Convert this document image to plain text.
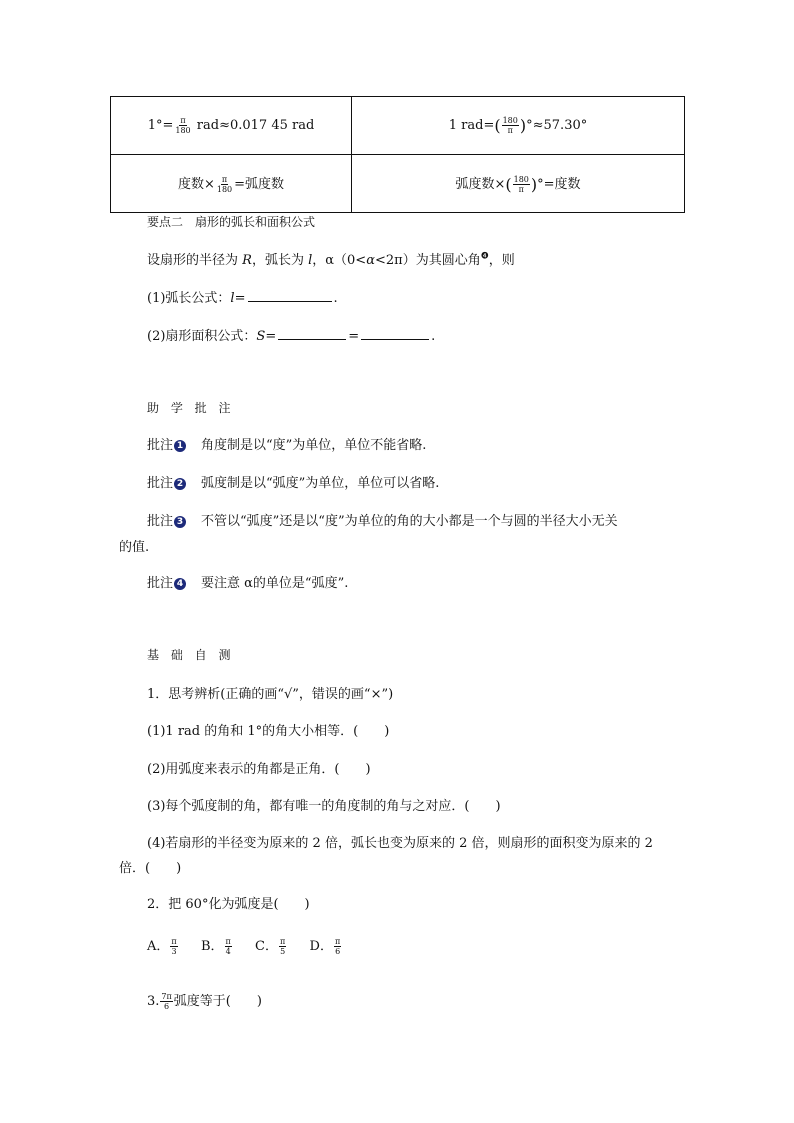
$1^\circ= \frac{\pi}{180} rad\approx 0.017$ 45 rad	1 $rad=( \frac{180}{\pi} )^\circ\approx 57.30^\circ$
度数× $\frac{\pi}{180}$ =弧度数	弧度数×( $\frac{180}{\pi}$ )°=度数
要点二　扇形的弧长和面积公式
设扇形的半径为 R，弧长为 l，α（0<α<2π）为其圆心角$^❹$，则
(1)弧长公式：l=	.
(2)扇形面积公式：S=	=	.
助 学 批 注
批注 1　角度制是以“度”为单位，单位不能省略.
批注 2　弧度制是以“弧度”为单位，单位可以省略.
批注 3　不管以“弧度”还是以“度”为单位的角的大小都是一个与圆的半径大小无关
的值.
批注 4　要注意 α的单位是“弧度”.
基 础 自 测
1．思考辨析(正确的画“√”，错误的画“×”)
(1)1 rad 的角和 1°的角大小相等．(　　)
(2)用弧度来表示的角都是正角．(　　)
(3)每个弧度制的角，都有唯一的角度制的角与之对应．(　　)
(4)若扇形的半径变为原来的 2 倍，弧长也变为原来的 2 倍，则扇形的面积变为原来的 2
倍．(　　)
2．把 60°化为弧度是(　　)
A． $\frac{\pi}{3}$ B． $\frac{\pi}{4}$ C． $\frac{\pi}{5}$ D． $\frac{\pi}{6}$
3. $\frac{7\pi}{6}$ 弧度等于(　　)
